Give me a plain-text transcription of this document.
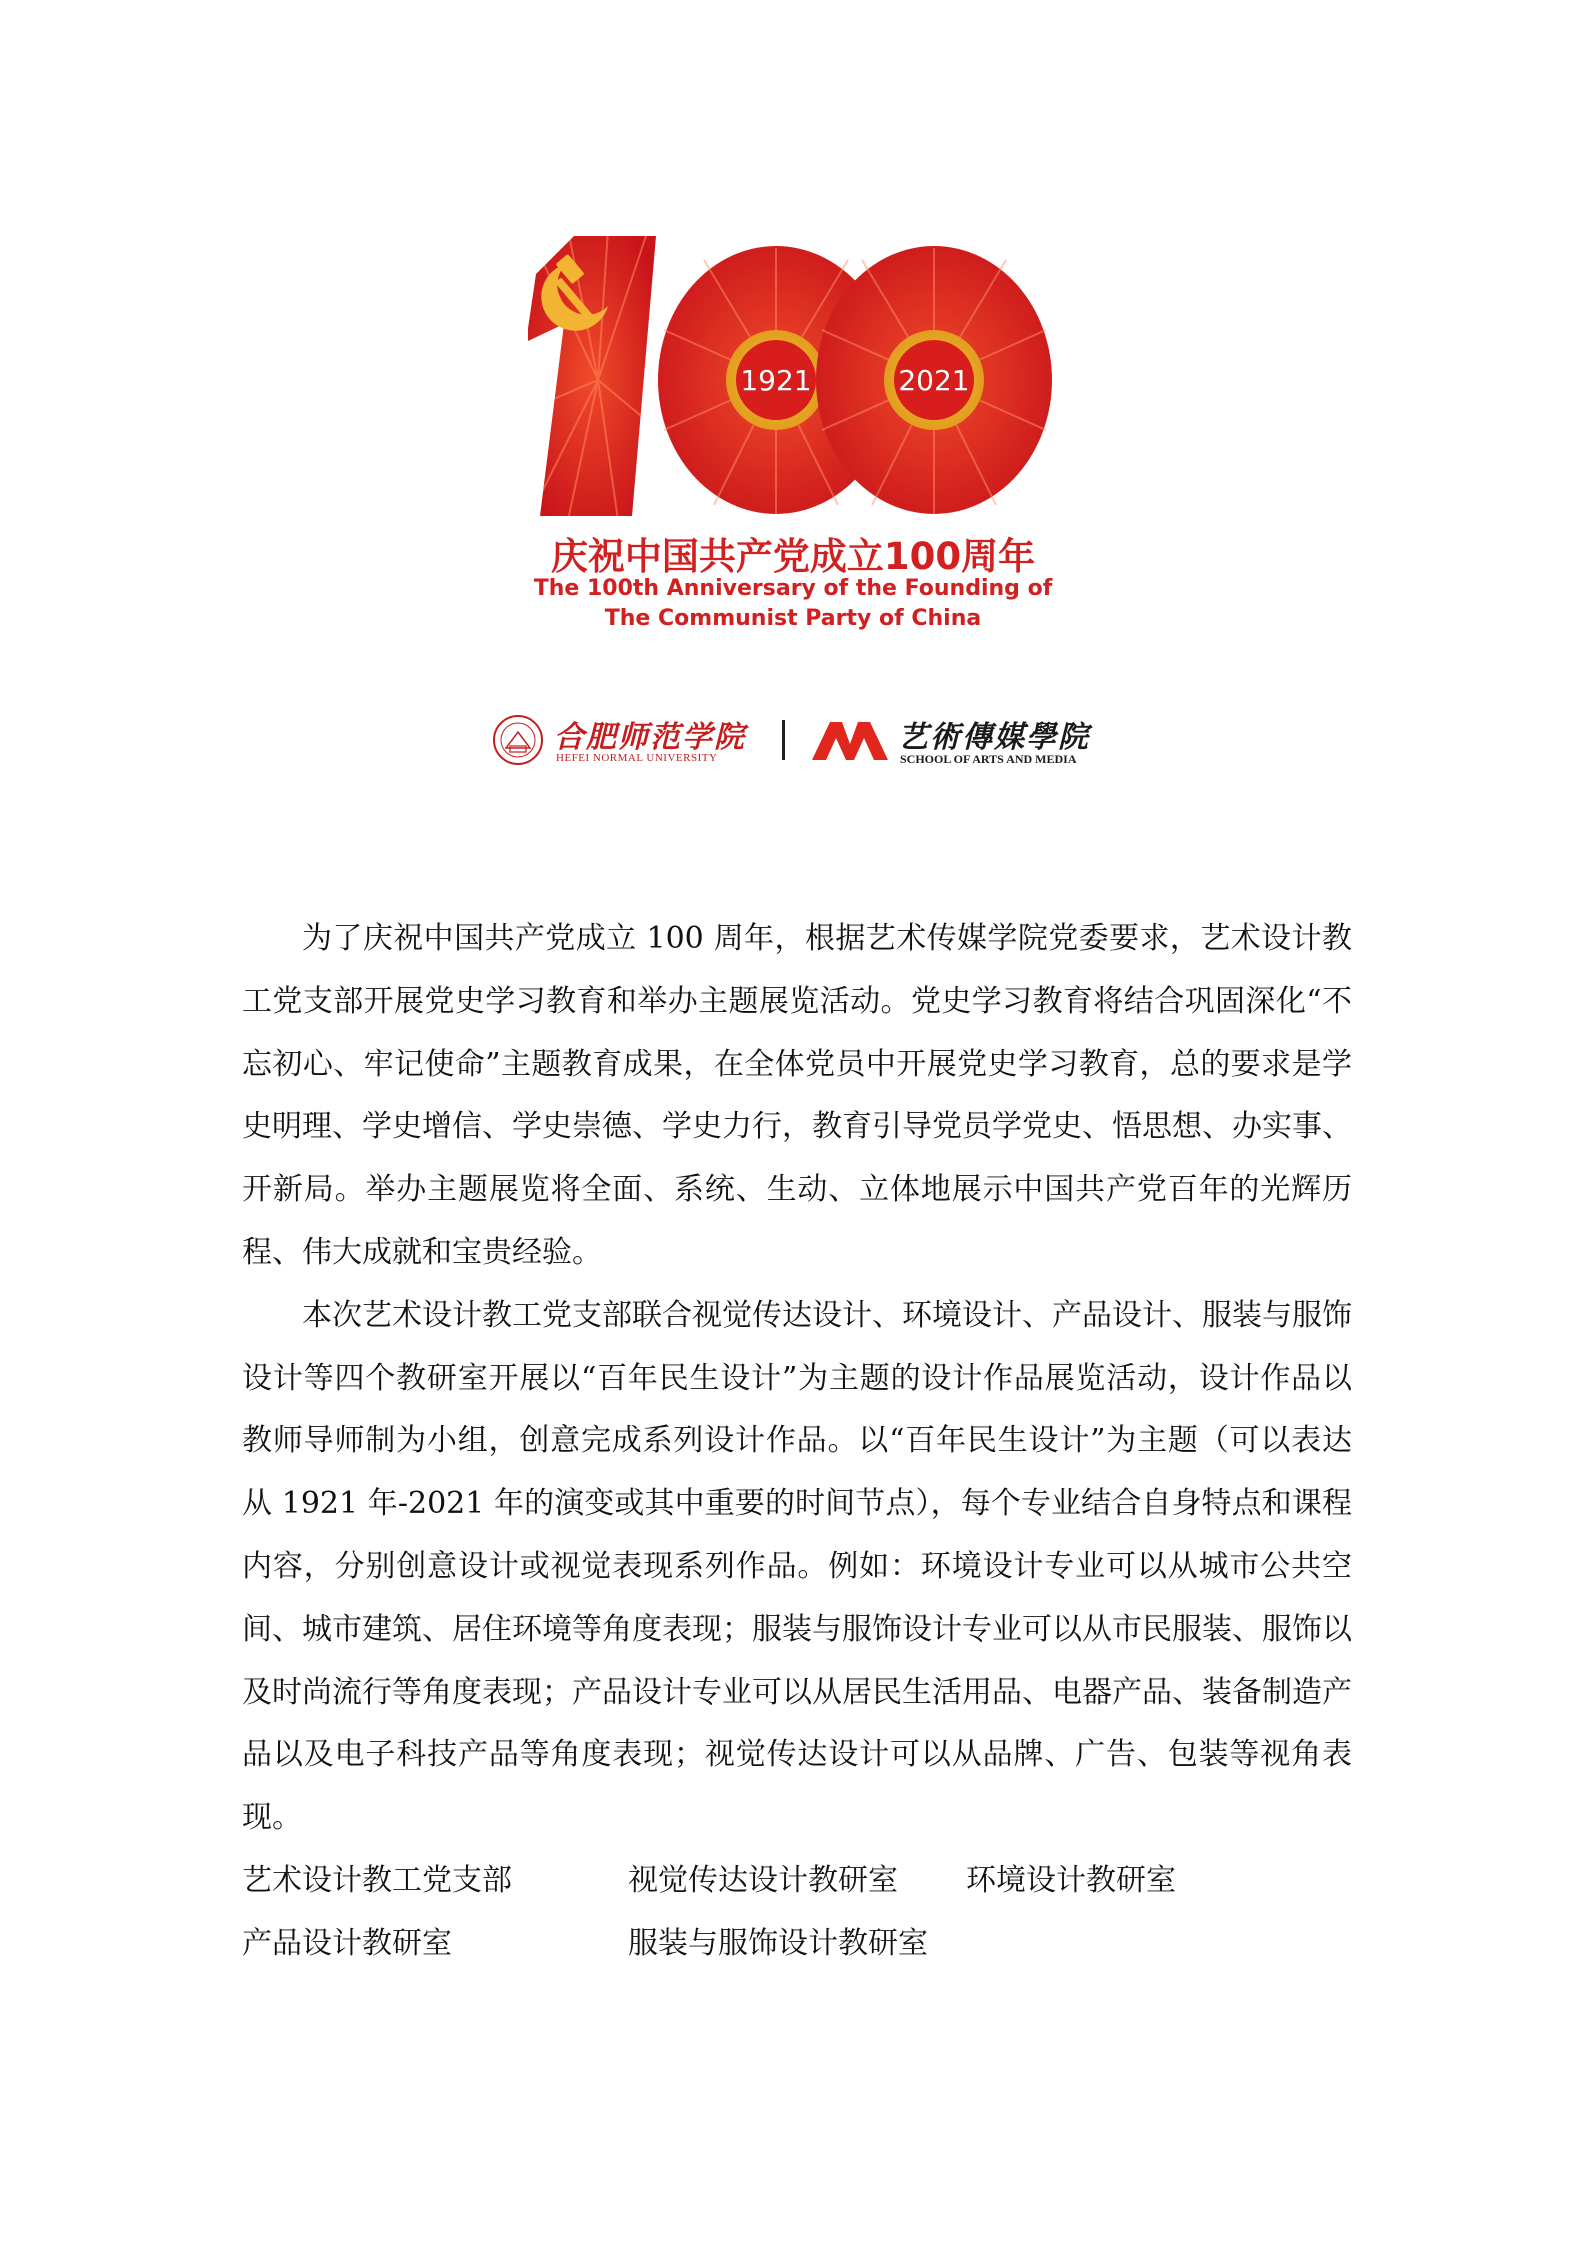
1921	2021
庆祝中国共产党成立100周年
The 100th Anniversary of the Founding of
The Communist Party of China
合肥师范学院
HEFEI NORMAL UNIVERSITY
艺術傳媒學院
SCHOOL OF ARTS AND MEDIA

为了庆祝中国共产党成立 100 周年，根据艺术传媒学院党委要求，艺术设计教工党支部开展党史学习教育和举办主题展览活动。党史学习教育将结合巩固深化“不忘初心、牢记使命”主题教育成果，在全体党员中开展党史学习教育，总的要求是学史明理、学史增信、学史崇德、学史力行，教育引导党员学党史、悟思想、办实事、开新局。举办主题展览将全面、系统、生动、立体地展示中国共产党百年的光辉历程、伟大成就和宝贵经验。

本次艺术设计教工党支部联合视觉传达设计、环境设计、产品设计、服装与服饰设计等四个教研室开展以“百年民生设计”为主题的设计作品展览活动，设计作品以教师导师制为小组，创意完成系列设计作品。以“百年民生设计”为主题（可以表达从 1921 年-2021 年的演变或其中重要的时间节点），每个专业结合自身特点和课程内容，分别创意设计或视觉表现系列作品。例如：环境设计专业可以从城市公共空间、城市建筑、居住环境等角度表现；服装与服饰设计专业可以从市民服装、服饰以及时尚流行等角度表现；产品设计专业可以从居民生活用品、电器产品、装备制造产品以及电子科技产品等角度表现；视觉传达设计可以从品牌、广告、包装等视角表现。

艺术设计教工党支部	视觉传达设计教研室	环境设计教研室
产品设计教研室	服装与服饰设计教研室
